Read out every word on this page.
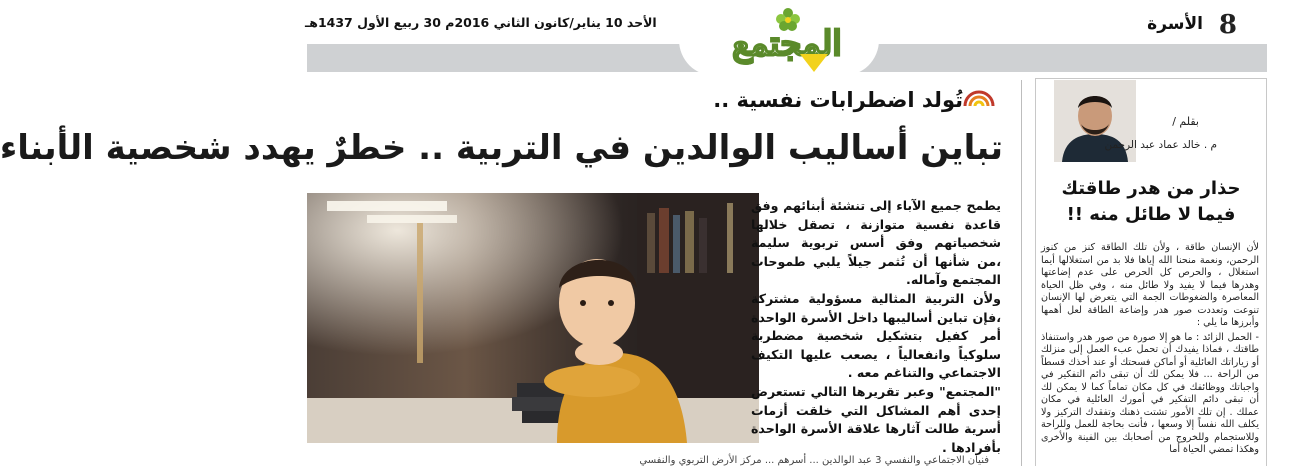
8
الأسرة
الأحد 10 يناير/كانون الثاني 2016م 30 ربيع الأول 1437هـ
المجتمع
تُولد اضطرابات نفسية ..
تباين أساليب الوالدين في التربية .. خطرٌ يهدد شخصية الأبناء

يطمح جميع الآباء إلى تنشئة أبنائهم وفق قاعدة نفسية متوازنة ، تصقل خلالها شخصياتهم وفق أسس تربوية سليمة ،من شأنها أن تُثمر جيلاً يلبي طموحات المجتمع وآماله.

ولأن التربية المثالية مسؤولية مشتركة ،فإن تباين أساليبها داخل الأسرة الواحدة أمر كفيل بتشكيل شخصية مضطربة سلوكياً وانفعالياً ، يصعب عليها التكيف الاجتماعي والتناغم معه .

"المجتمع" وعبر تقريرها التالي تستعرض إحدى أهم المشاكل التي خلقت أزمات أسرية طالت آثارها علاقة الأسرة الواحدة بأفرادها .

فنيان الاجتماعي والنفسي 3 عبد الوالدين ... أسرهم ... مركز الأرض التربوي والنفسي
بقلم /
م . خالد عماد عبد الرحمن
حذار من هدر طاقتك
فيما لا طائل منه !!

لأن الإنسان طاقة ، ولأن تلك الطاقة كنز من كنوز الرحمن، ونعمة منحنا الله إياها فلا بد من استغلالها أيما استغلال ، والحرص كل الحرص على عدم إضاعتها وهدرها فيما لا يفيد ولا طائل منه ، وفي ظل الحياة المعاصرة والضغوطات الجمة التي يتعرض لها الإنسان تنوعت وتعددت صور هدر وإضاعة الطاقة لعل أهمها وأبرزها ما يلي :

- الحمل الزائد : ما هو إلا صورة من صور هدر واستنفاذ طاقتك ، فماذا يفيدك أن تحمل عبء العمل إلى منزلك أو زياراتك العائلية أو أماكن فسحتك أو عند أخذك قسطاً من الراحة ... فلا يمكن لك أن تبقى دائم التفكير في واجباتك ووظائفك في كل مكان تماماً كما لا يمكن لك أن تبقى دائم التفكير في أمورك العائلية في مكان عملك . إن تلك الأمور تشتت ذهنك وتفقدك التركيز ولا يكلف الله نفساً إلا وسعها ، فأنت بحاجة للعمل وللراحة وللاستجمام وللخروج من أصحابك بين الفينة والأخرى وهكذا تمضي الحياة أما
